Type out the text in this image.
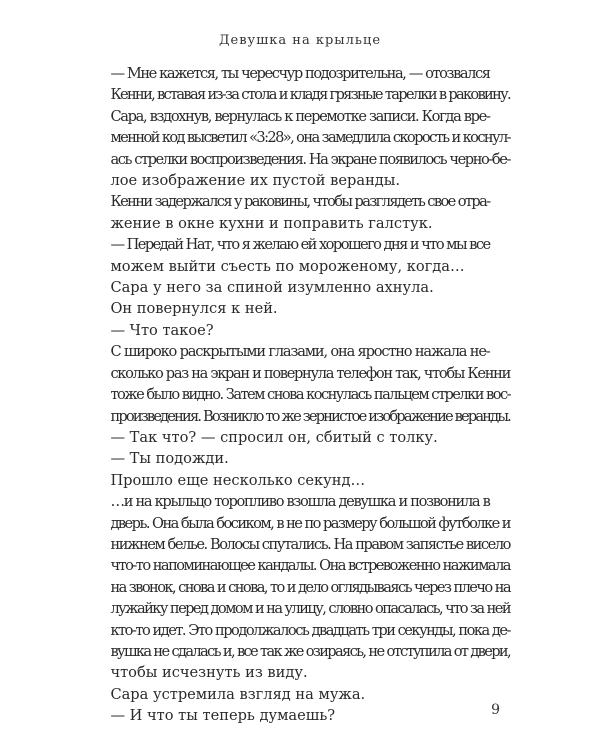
Девушка на крыльце

— Мне кажется, ты чересчур подозрительна, — отозвался
Кенни, вставая из-за стола и кладя грязные тарелки в раковину.

Сара, вздохнув, вернулась к перемотке записи. Когда вре-
менной код высветил «3:28», она замедлила скорость и коснул-
ась стрелки воспроизведения. На экране появилось черно-бе-
лое изображение их пустой веранды.

Кенни задержался у раковины, чтобы разглядеть свое отра-
жение в окне кухни и поправить галстук.

— Передай Нат, что я желаю ей хорошего дня и что мы все
можем выйти съесть по мороженому, когда…

Сара у него за спиной изумленно ахнула.

Он повернулся к ней.

— Что такое?

С широко раскрытыми глазами, она яростно нажала не-
сколько раз на экран и повернула телефон так, чтобы Кенни
тоже было видно. Затем снова коснулась пальцем стрелки вос-
произведения. Возникло то же зернистое изображение веранды.

— Так что? — спросил он, сбитый с толку.

— Ты подожди.

Прошло еще несколько секунд…

…и на крыльцо торопливо взошла девушка и позвонила в
дверь. Она была босиком, в не по размеру большой футболке и
нижнем белье. Волосы спутались. На правом запястье висело
что-то напоминающее кандалы. Она встревоженно нажимала
на звонок, снова и снова, то и дело оглядываясь через плечо на
лужайку перед домом и на улицу, словно опасалась, что за ней
кто-то идет. Это продолжалось двадцать три секунды, пока де-
вушка не сдалась и, все так же озираясь, не отступила от двери,
чтобы исчезнуть из виду.

Сара устремила взгляд на мужа.

— И что ты теперь думаешь?	9
